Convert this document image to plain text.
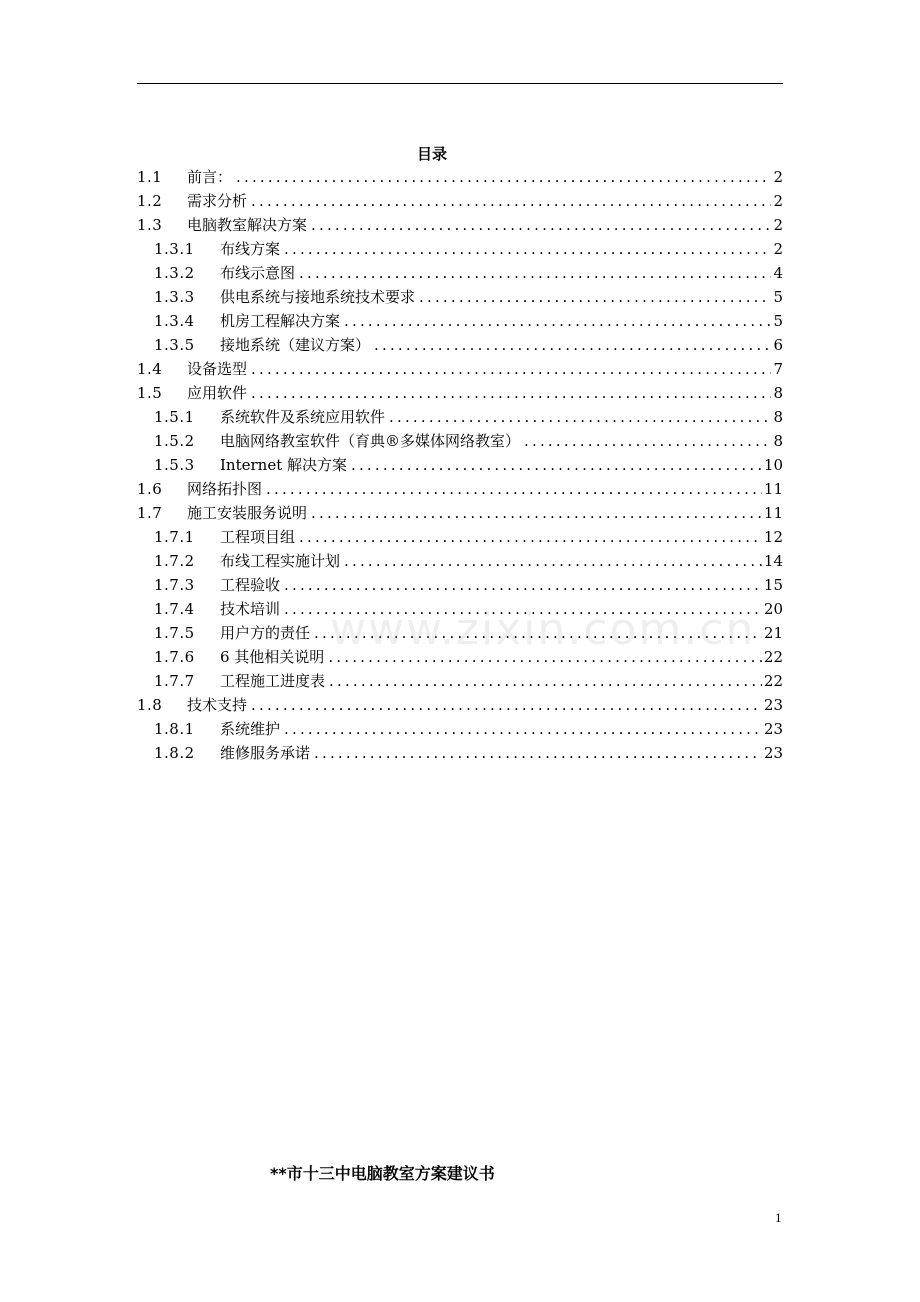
目录
1.1	前言： .....	2
1.2	需求分析 .....	2
1.3	电脑教室解决方案 .....	2
1.3.1	布线方案 .....	2
1.3.2	布线示意图 .....	4
1.3.3	供电系统与接地系统技术要求 .....	5
1.3.4	机房工程解决方案 .....	5
1.3.5	接地系统（建议方案） .....	6
1.4	设备选型 .....	7
1.5	应用软件 .....	8
1.5.1	系统软件及系统应用软件 .....	8
1.5.2	电脑网络教室软件（育典®多媒体网络教室） .....	8
1.5.3	Internet 解决方案 .....	10
1.6	网络拓扑图 .....	11
1.7	施工安装服务说明 .....	11
1.7.1	工程项目组 .....	12
1.7.2	布线工程实施计划 .....	14
1.7.3	工程验收 .....	15
1.7.4	技术培训 .....	20
1.7.5	用户方的责任 .....	21
1.7.6	6 其他相关说明 .....	22
1.7.7	工程施工进度表 .....	22
1.8	技术支持 .....	23
1.8.1	系统维护 .....	23
1.8.2	维修服务承诺 .....	23
www.zixin.com.cn
**市十三中电脑教室方案建议书
1
